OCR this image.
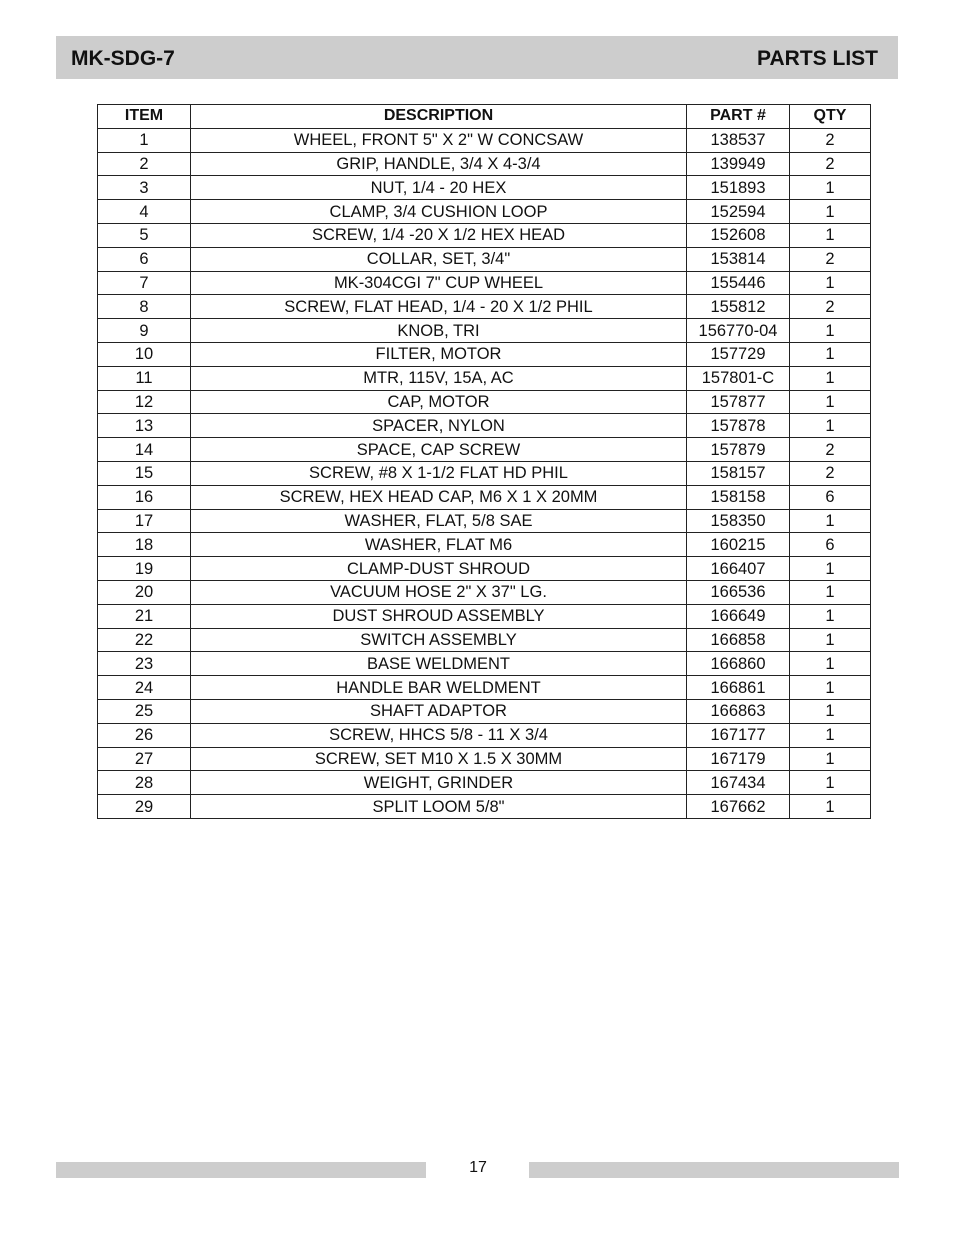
MK-SDG-7	PARTS LIST
ITEM	DESCRIPTION	PART #	QTY
1	WHEEL, FRONT 5" X 2" W CONCSAW	138537	2
2	GRIP, HANDLE, 3/4 X 4-3/4	139949	2
3	NUT, 1/4 - 20 HEX	151893	1
4	CLAMP, 3/4 CUSHION LOOP	152594	1
5	SCREW, 1/4 -20 X 1/2 HEX HEAD	152608	1
6	COLLAR, SET, 3/4"	153814	2
7	MK-304CGI 7" CUP WHEEL	155446	1
8	SCREW, FLAT HEAD, 1/4 - 20 X 1/2 PHIL	155812	2
9	KNOB, TRI	156770-04	1
10	FILTER, MOTOR	157729	1
11	MTR, 115V, 15A, AC	157801-C	1
12	CAP, MOTOR	157877	1
13	SPACER, NYLON	157878	1
14	SPACE, CAP SCREW	157879	2
15	SCREW, #8 X 1-1/2 FLAT HD PHIL	158157	2
16	SCREW, HEX HEAD CAP, M6 X 1 X 20MM	158158	6
17	WASHER, FLAT, 5/8 SAE	158350	1
18	WASHER, FLAT M6	160215	6
19	CLAMP-DUST SHROUD	166407	1
20	VACUUM HOSE 2" X 37" LG.	166536	1
21	DUST SHROUD ASSEMBLY	166649	1
22	SWITCH ASSEMBLY	166858	1
23	BASE WELDMENT	166860	1
24	HANDLE BAR WELDMENT	166861	1
25	SHAFT ADAPTOR	166863	1
26	SCREW, HHCS 5/8 - 11 X 3/4	167177	1
27	SCREW, SET M10 X 1.5 X 30MM	167179	1
28	WEIGHT, GRINDER	167434	1
29	SPLIT LOOM 5/8"	167662	1
17
